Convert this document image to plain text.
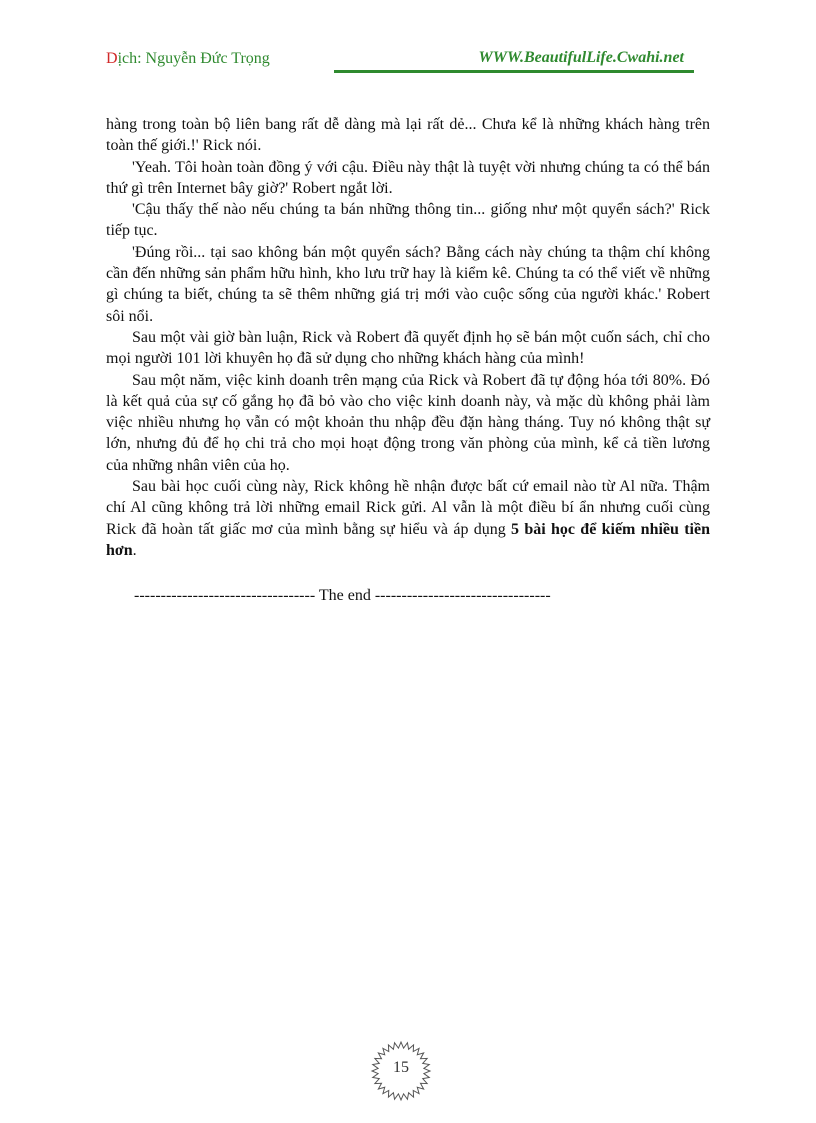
Dịch: Nguyễn Đức Trọng	WWW.BeautifulLife.Cwahi.net

hàng trong toàn bộ liên bang rất dễ dàng mà lại rất dẻ... Chưa kể là những khách hàng trên toàn thế giới.!' Rick nói.

'Yeah. Tôi hoàn toàn đồng ý với cậu. Điều này thật là tuyệt vời nhưng chúng ta có thể bán thứ gì trên Internet bây giờ?' Robert ngắt lời.

'Cậu thấy thế nào nếu chúng ta bán những thông tin... giống như một quyển sách?' Rick tiếp tục.

'Đúng rồi... tại sao không bán một quyển sách? Bằng cách này chúng ta thậm chí không cần đến những sản phẩm hữu hình, kho lưu trữ hay là kiểm kê. Chúng ta có thể viết về những gì chúng ta biết, chúng ta sẽ thêm những giá trị mới vào cuộc sống của người khác.' Robert sôi nổi.

Sau một vài giờ bàn luận, Rick và Robert đã quyết định họ sẽ bán một cuốn sách, chỉ cho mọi người 101 lời khuyên họ đã sử dụng cho những khách hàng của mình!

Sau một năm, việc kinh doanh trên mạng của Rick và Robert đã tự động hóa tới 80%. Đó là kết quả của sự cố gắng họ đã bỏ vào cho việc kinh doanh này, và mặc dù không phải làm việc nhiều nhưng họ vẫn có một khoản thu nhập đều đặn hàng tháng. Tuy nó không thật sự lớn, nhưng đủ để họ chi trả cho mọi hoạt động trong văn phòng của mình, kể cả tiền lương của những nhân viên của họ.

Sau bài học cuối cùng này, Rick không hề nhận được bất cứ email nào từ Al nữa. Thậm chí Al cũng không trả lời những email Rick gửi. Al vẫn là một điều bí ẩn nhưng cuối cùng Rick đã hoàn tất giấc mơ của mình bằng sự hiểu và áp dụng 5 bài học để kiếm nhiều tiền hơn.

---------------------------------- The end ---------------------------------
15
